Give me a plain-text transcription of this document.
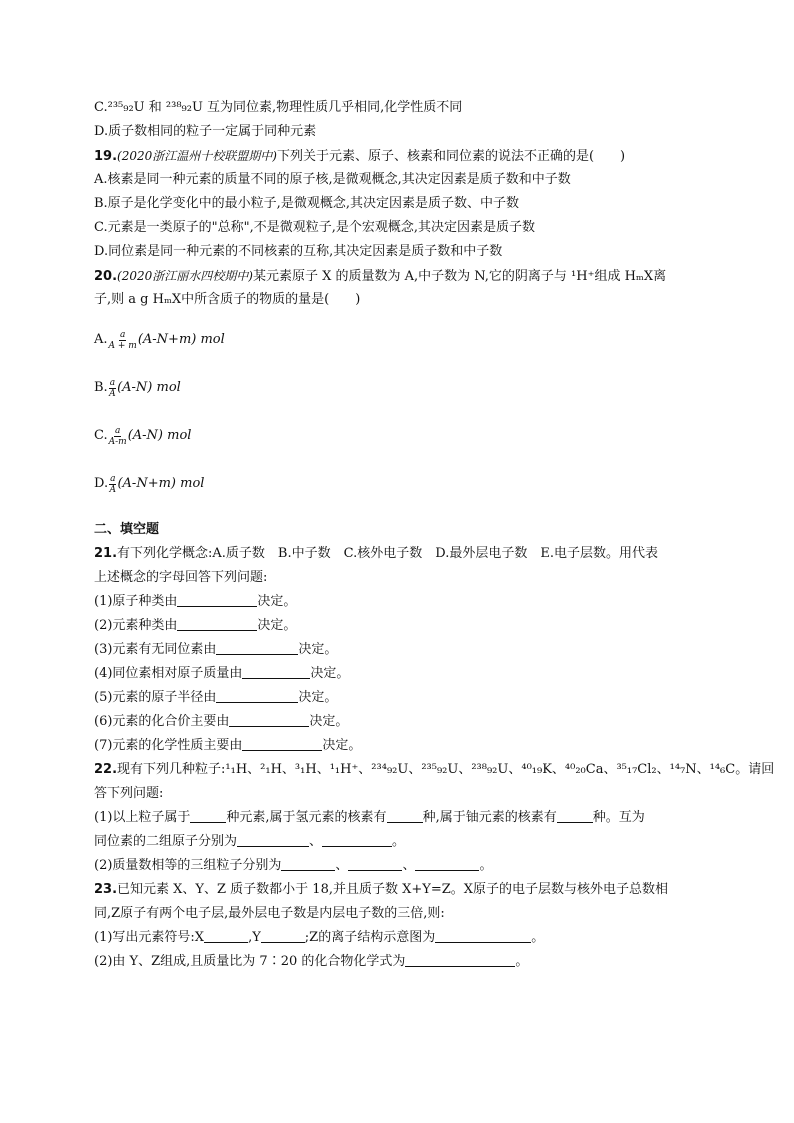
C.²³⁵₉₂U 和 ²³⁸₉₂U 互为同位素,物理性质几乎相同,化学性质不同
D.质子数相同的粒子一定属于同种元素
19.(2020浙江温州十校联盟期中)下列关于元素、原子、核素和同位素的说法不正确的是(　　)
A.核素是同一种元素的质量不同的原子核,是微观概念,其决定因素是质子数和中子数
B.原子是化学变化中的最小粒子,是微观概念,其决定因素是质子数、中子数
C.元素是一类原子的"总称",不是微观粒子,是个宏观概念,其决定因素是质子数
D.同位素是同一种元素的不同核素的互称,其决定因素是质子数和中子数
20.(2020浙江丽水四校期中)某元素原子 X 的质量数为 A,中子数为 N,它的阴离子与 ¹H⁺组成 HₘX离
子,则 a g HₘX中所含质子的物质的量是(　　)
A. $\frac{a}{A + m} (A-N+m)$ mol
B. $\frac{a}{A} (A-N)$ mol
C. $\frac{a}{A-m} (A-N)$ mol
D. $\frac{a}{A} (A-N+m)$ mol
二、填空题
21.有下列化学概念:A.质子数　B.中子数　C.核外电子数　D.最外层电子数　E.电子层数。用代表
上述概念的字母回答下列问题:
(1)原子种类由	决定。
(2)元素种类由	决定。
(3)元素有无同位素由	决定。
(4)同位素相对原子质量由	决定。
(5)元素的原子半径由	决定。
(6)元素的化合价主要由	决定。
(7)元素的化学性质主要由	决定。
22.现有下列几种粒子:¹₁H、²₁H、³₁H、¹₁H⁺、²³⁴₉₂U、²³⁵₉₂U、²³⁸₉₂U、⁴⁰₁₉K、⁴⁰₂₀Ca、³⁵₁₇Cl₂、¹⁴₇N、¹⁴₆C。请回
答下列问题:
(1)以上粒子属于	种元素,属于氢元素的核素有	种,属于铀元素的核素有	种。互为
同位素的二组原子分别为	、	。
(2)质量数相等的三组粒子分别为	、	、	。
23.已知元素 X、Y、Z 质子数都小于 18,并且质子数 X+Y=Z。X原子的电子层数与核外电子总数相
同,Z原子有两个电子层,最外层电子数是内层电子数的三倍,则:
(1)写出元素符号:X	,Y	;Z的离子结构示意图为	。
(2)由 Y、Z组成,且质量比为 7∶20 的化合物化学式为	。
